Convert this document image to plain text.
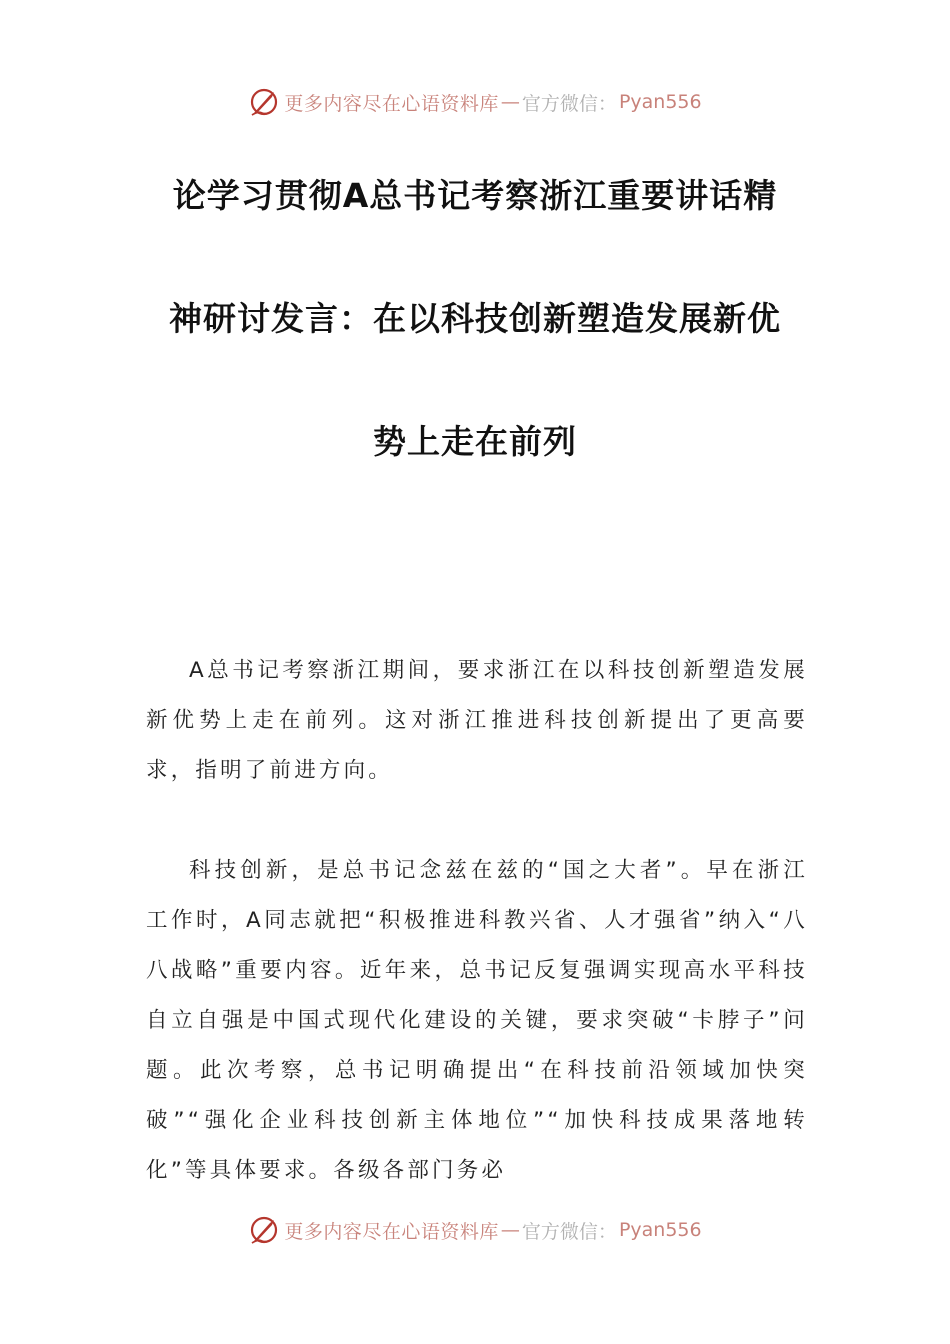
更多内容尽在心语资料库 — 官方微信： Pyan556
论学习贯彻A总书记考察浙江重要讲话精
神研讨发言：在以科技创新塑造发展新优
势上走在前列

A总书记考察浙江期间，要求浙江在以科技创新塑造发展新优势上走在前列。这对浙江推进科技创新提出了更高要求，指明了前进方向。

科技创新，是总书记念兹在兹的“国之大者”。早在浙江工作时，A同志就把“积极推进科教兴省、人才强省”纳入“八八战略”重要内容。近年来，总书记反复强调实现高水平科技自立自强是中国式现代化建设的关键，要求突破“卡脖子”问题。此次考察，总书记明确提出“在科技前沿领域加快突破”“强化企业科技创新主体地位”“加快科技成果落地转化”等具体要求。各级各部门务必

更多内容尽在心语资料库 — 官方微信： Pyan556
